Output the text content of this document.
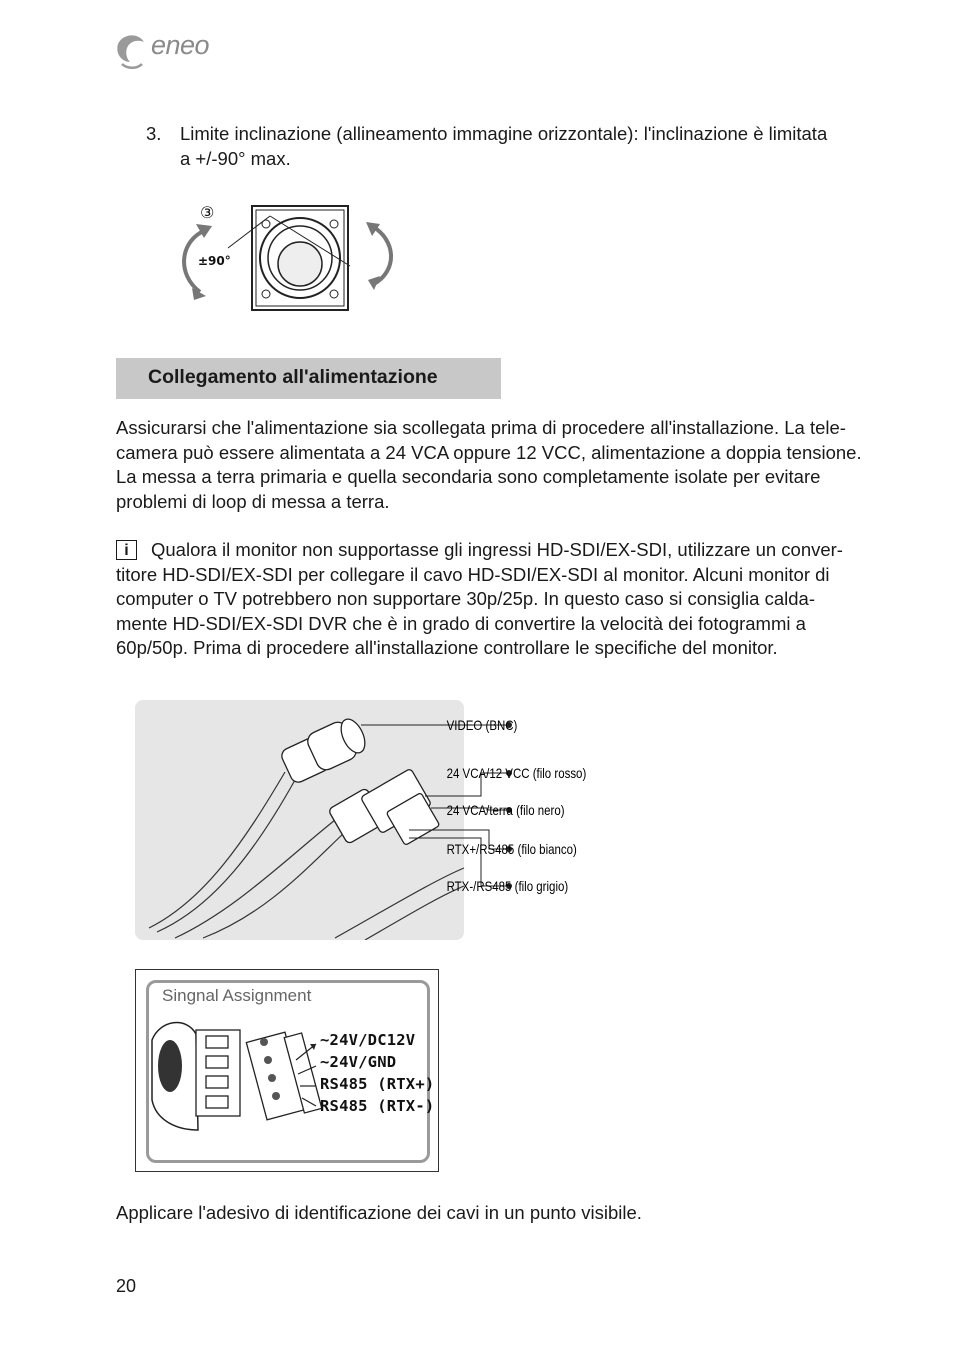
eneo
3. Limite inclinazione (allineamento immagine orizzontale): l'inclinazione è limitata
a +/-90° max.
③
±90°
Collegamento all'alimentazione

Assicurarsi che l'alimentazione sia scollegata prima di procedere all'installazione. La tele-

camera può essere alimentata a 24 VCA oppure 12 VCC, alimentazione a doppia tensione.

La messa a terra primaria e quella secondaria sono completamente isolate per evitare

problemi di loop di messa a terra.

i Qualora il monitor non supportasse gli ingressi HD-SDI/EX-SDI, utilizzare un conver-

titore HD-SDI/EX-SDI per collegare il cavo HD-SDI/EX-SDI al monitor. Alcuni monitor di

computer o TV potrebbero non supportare 30p/25p. In questo caso si consiglia calda-

mente HD-SDI/EX-SDI DVR che è in grado di convertire la velocità dei fotogrammi a

60p/50p. Prima di procedere all'installazione controllare le specifiche del monitor.

VIDEO (BNC)
24 VCA/12 VCC (filo rosso)
24 VCA/terra (filo nero)
RTX+/RS485 (filo bianco)
RTX-/RS485 (filo grigio)
Singnal Assignment
~24V/DC12V
~24V/GND
RS485 (RTX+)
RS485 (RTX-)
Applicare l'adesivo di identificazione dei cavi in un punto visibile.
20
